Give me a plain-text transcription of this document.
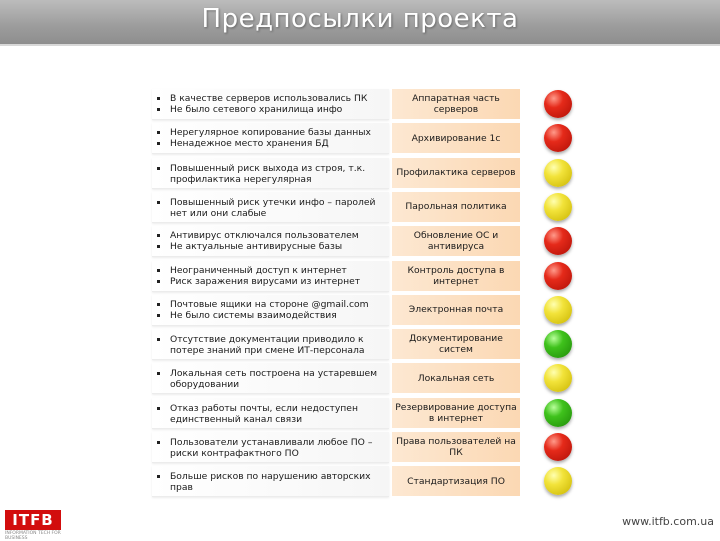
Предпосылки проекта
В качестве серверов использовались ПК
Не было сетевого хранилища инфо
Аппаратная часть серверов
Нерегулярное копирование базы данных
Ненадежное место хранения БД	Архивирование 1с
Повышенный риск выхода из строя, т.к. профилактика нерегулярная
Профилактика серверов
Повышенный риск утечки инфо – паролей нет или они слабые
Парольная политика
Антивирус отключался пользователем
Не актуальные антивирусные базы
Обновление ОС и антивируса
Неограниченный доступ к интернет
Риск заражения вирусами из интернет
Контроль доступа в интернет
Почтовые ящики на стороне @gmail.com
Не было системы взаимодействия	Электронная почта
Отсутствие документации приводило к потере знаний при смене ИТ-персонала
Документирование систем
Локальная сеть построена на устаревшем оборудовании
Локальная сеть
Отказ работы почты, если недоступен единственный канал связи
Резервирование доступа в интернет
Пользователи устанавливали любое ПО – риски контрафактного ПО
Права пользователей на ПК
Больше рисков по нарушению авторских прав
Стандартизация ПО
ITFB
INFORMATION TECH FOR BUSINESS
www.itfb.com.ua
